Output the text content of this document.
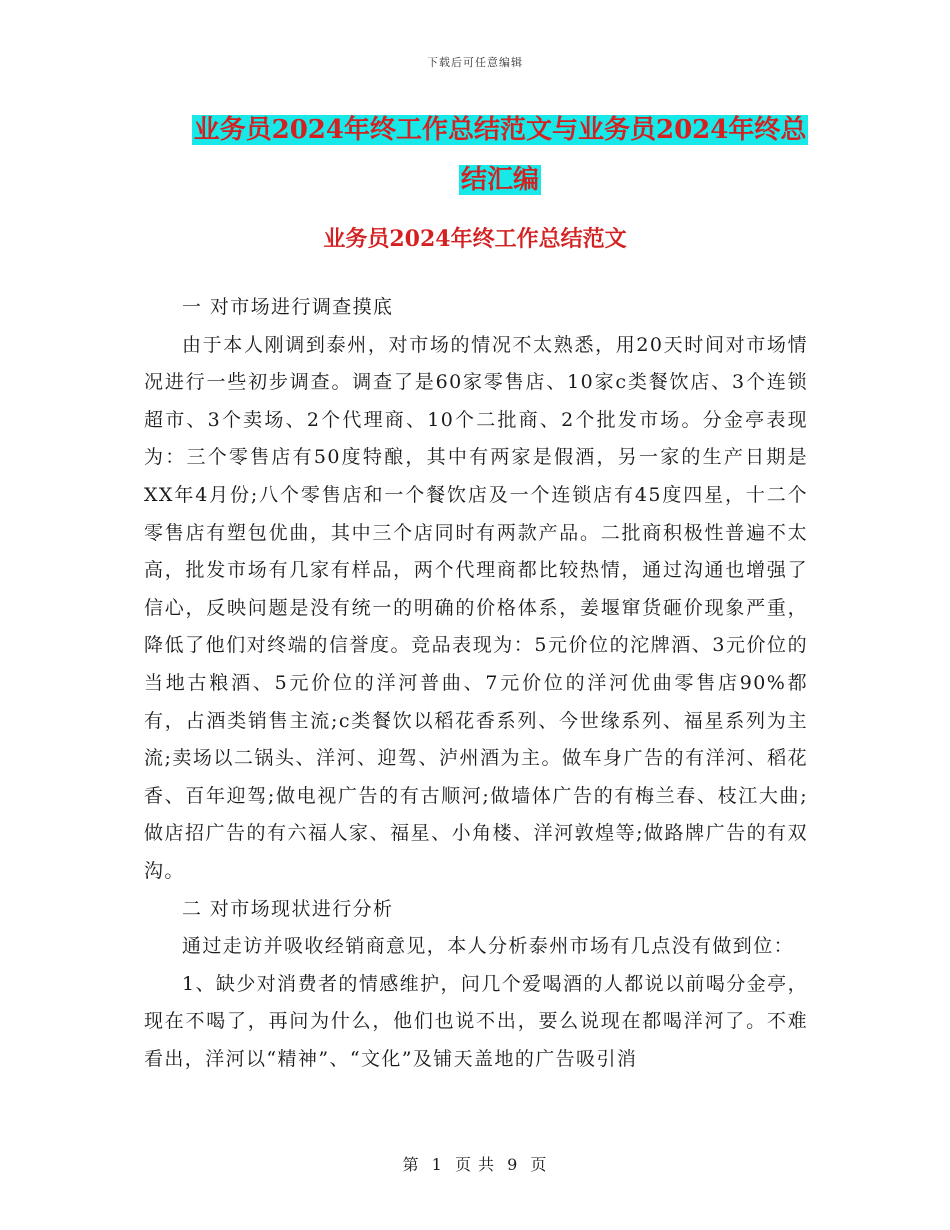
下载后可任意编辑
业务员2024年终工作总结范文与业务员2024年终总
结汇编
业务员2024年终工作总结范文

一 对市场进行调查摸底

由于本人刚调到泰州，对市场的情况不太熟悉，用20天时间对市场情况进行一些初步调查。调查了是60家零售店、10家c类餐饮店、3个连锁超市、3个卖场、2个代理商、10个二批商、2个批发市场。分金亭表现为：三个零售店有50度特酿，其中有两家是假酒，另一家的生产日期是XX年4月份;八个零售店和一个餐饮店及一个连锁店有45度四星，十二个零售店有塑包优曲，其中三个店同时有两款产品。二批商积极性普遍不太高，批发市场有几家有样品，两个代理商都比较热情，通过沟通也增强了信心，反映问题是没有统一的明确的价格体系，姜堰窜货砸价现象严重，降低了他们对终端的信誉度。竞品表现为：5元价位的沱牌酒、3元价位的当地古粮酒、5元价位的洋河普曲、7元价位的洋河优曲零售店90%都有，占酒类销售主流;c类餐饮以稻花香系列、今世缘系列、福星系列为主流;卖场以二锅头、洋河、迎驾、泸州酒为主。做车身广告的有洋河、稻花香、百年迎驾;做电视广告的有古顺河;做墙体广告的有梅兰春、枝江大曲;做店招广告的有六福人家、福星、小角楼、洋河敦煌等;做路牌广告的有双沟。

二 对市场现状进行分析

通过走访并吸收经销商意见，本人分析泰州市场有几点没有做到位：

1、缺少对消费者的情感维护，问几个爱喝酒的人都说以前喝分金亭，现在不喝了，再问为什么，他们也说不出，要么说现在都喝洋河了。不难看出，洋河以“精神”、“文化”及铺天盖地的广告吸引消

第 1 页 共 9 页
